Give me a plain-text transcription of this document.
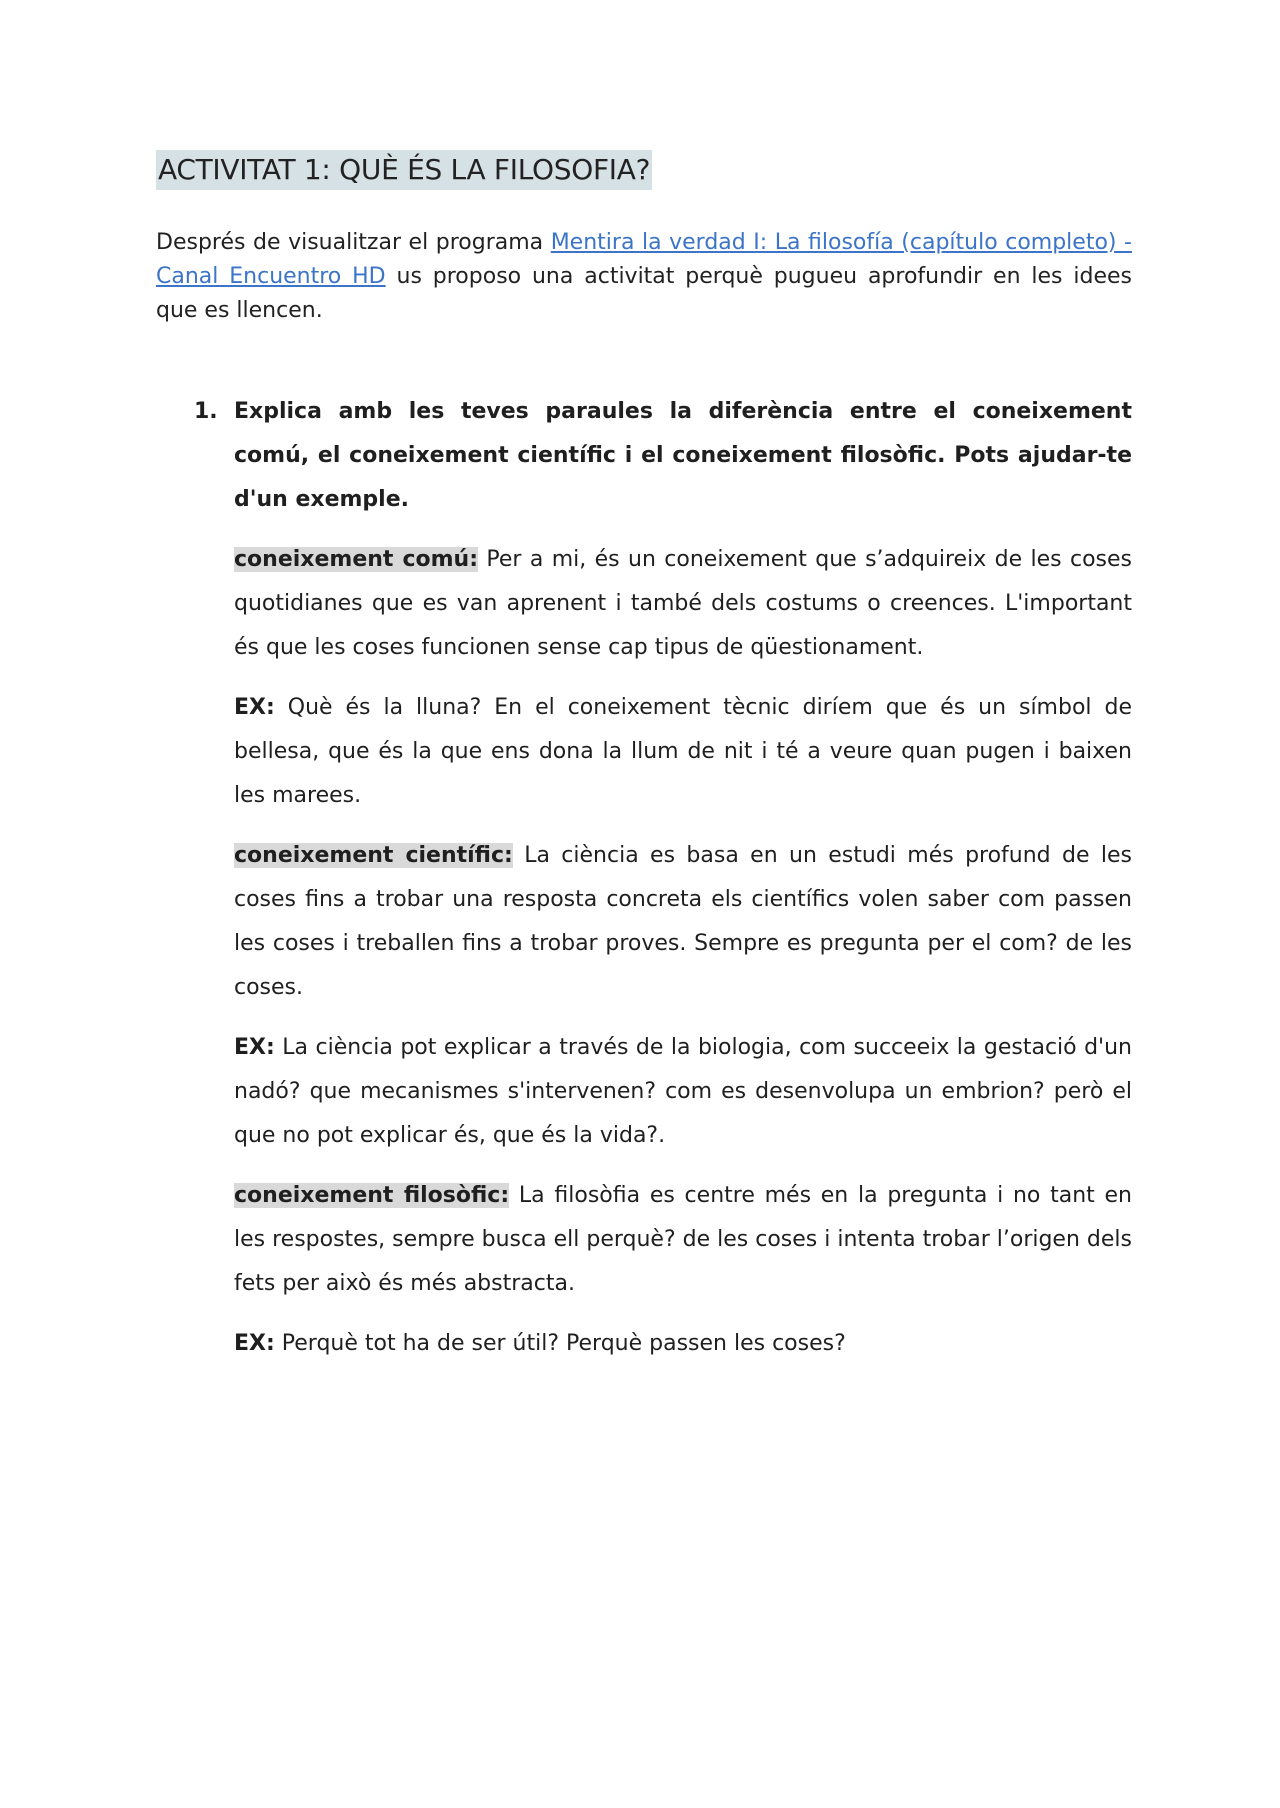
ACTIVITAT 1: QUÈ ÉS LA FILOSOFIA?

Després de visualitzar el programa Mentira la verdad I: La filosofía (capítulo completo) - Canal Encuentro HD us proposo una activitat perquè pugueu aprofundir en les idees que es llencen.

1. Explica amb les teves paraules la diferència entre el coneixement comú, el coneixement científic i el coneixement filosòfic. Pots ajudar-te d'un exemple.

coneixement comú: Per a mi, és un coneixement que s’adquireix de les coses quotidianes que es van aprenent i també dels costums o creences. L'important és que les coses funcionen sense cap tipus de qüestionament.

EX: Què és la lluna? En el coneixement tècnic diríem que és un símbol de bellesa, que és la que ens dona la llum de nit i té a veure quan pugen i baixen les marees.

coneixement científic: La ciència es basa en un estudi més profund de les coses fins a trobar una resposta concreta els científics volen saber com passen les coses i treballen fins a trobar proves. Sempre es pregunta per el com? de les coses.

EX: La ciència pot explicar a través de la biologia, com succeeix la gestació d'un nadó? que mecanismes s'intervenen? com es desenvolupa un embrion? però el que no pot explicar és, que és la vida?.

coneixement filosòfic: La filosòfia es centre més en la pregunta i no tant en les respostes, sempre busca ell perquè? de les coses i intenta trobar l’origen dels fets per això és més abstracta.

EX: Perquè tot ha de ser útil? Perquè passen les coses?
